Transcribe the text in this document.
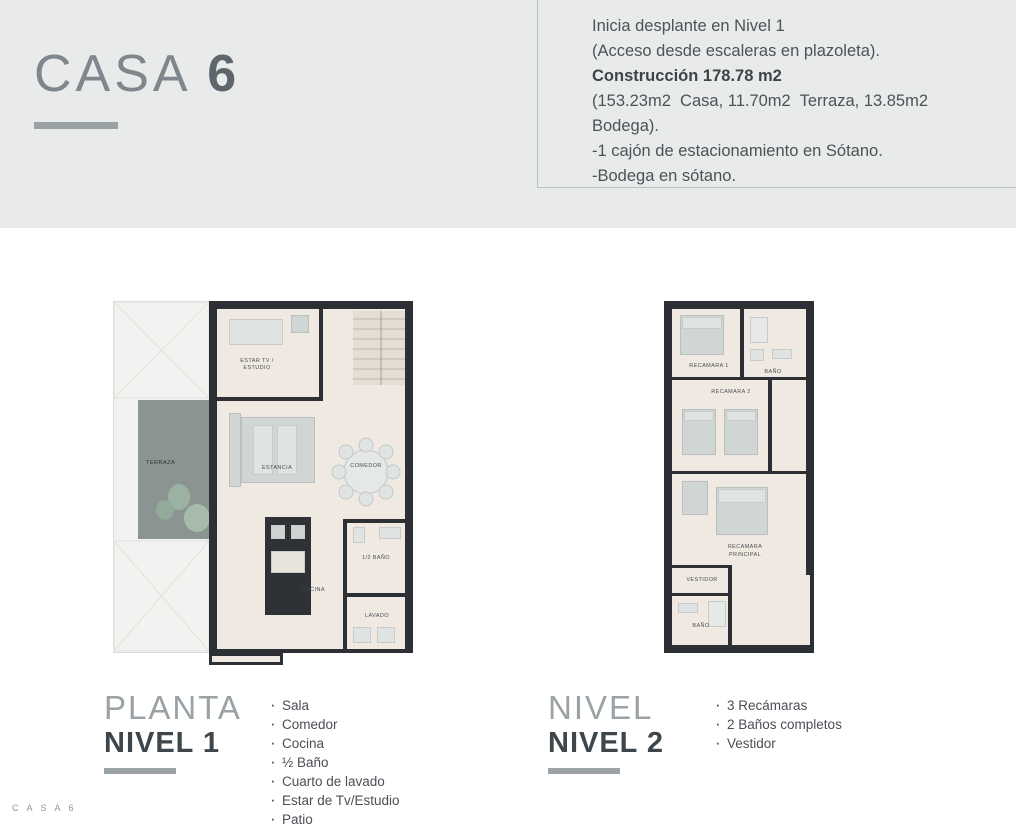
CASA 6
Inicia desplante en Nivel 1
(Acceso desde escaleras en plazoleta).
Construcción 178.78 m2
(153.23m2  Casa, 11.70m2  Terraza, 13.85m2 Bodega).
-1 cajón de estacionamiento en Sótano.
-Bodega en sótano.
TERRAZA
ESTAR TV /
ESTUDIO
ESTANCIA	COMEDOR
1/2 BAÑO
COCINA
LAVADO
RECAMARA 1
BAÑO
RECAMARA 2
RECAMARA
PRINCIPAL
VESTIDOR
BAÑO
PLANTA
NIVEL 1
· Sala
· Comedor
· Cocina
· ½ Baño
· Cuarto de lavado
· Estar de Tv/Estudio
· Patio
NIVEL
NIVEL 2
· 3 Recámaras
· 2 Baños completos
· Vestidor
C A S A 6
